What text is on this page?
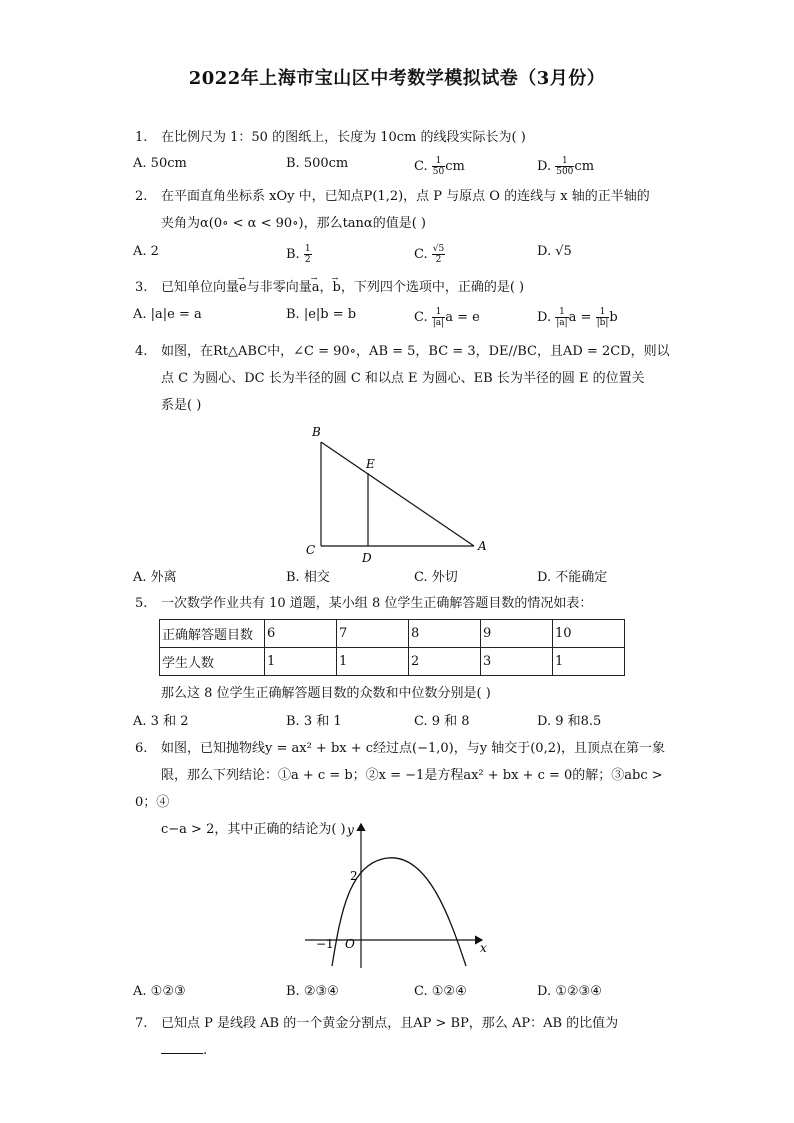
2022年上海市宝山区中考数学模拟试卷（3月份）
1. 在比例尺为 1：50 的图纸上，长度为 10cm 的线段实际长为( )
A. 50cm	B. 500cm	C. $\frac{1}{50}$ cm	D. $\frac{1}{500}$ cm
2. 在平面直角坐标系 xOy 中，已知点P(1,2)，点 P 与原点 O 的连线与 x 轴的正半轴的
夹角为α(0∘ < α < 90∘)，那么tanα的值是( )
A. 2	B. $\frac{1}{2}$	C. $\frac{√5}{2}$	D. √5
3. 已知单位向量→ e与非零向量→ a，→ b，下列四个选项中，正确的是( )
A. |a|e = a	B. |e|b = b	C. $\frac{1}{|a|}$ a = e	D. $\frac{1}{|a|}$ $a = \frac{1}{|b|}$ b
4. 如图，在Rt△ABC中，∠C = 90∘，AB = 5，BC = 3，DE//BC，且AD = 2CD，则以
点 C 为圆心、DC 长为半径的圆 C 和以点 E 为圆心、EB 长为半径的圆 E 的位置关
系是( )
B
E
C
D
A
A. 外离	B. 相交	C. 外切	D. 不能确定
5. 一次数学作业共有 10 道题，某小组 8 位学生正确解答题目数的情况如表：
正确解答题目数	6	7	8	9	10
学生人数	1	1	2	3	1
那么这 8 位学生正确解答题目数的众数和中位数分别是( )
A. 3 和 2	B. 3 和 1	C. 9 和 8	D. 9 和8.5
6. 如图，已知抛物线y = ax² + bx + c经过点(−1,0)，与y 轴交于(0,2)，且顶点在第一象
限，那么下列结论：①a + c = b；②x = −1是方程ax² + bx + c = 0的解；③abc > 0；④
c−a > 2，其中正确的结论为( ) y
x
2
−1 O
A. ①②③	B. ②③④	C. ①②④	D. ①②③④
7. 已知点 P 是线段 AB 的一个黄金分割点，且AP > BP，那么 AP：AB 的比值为
.
